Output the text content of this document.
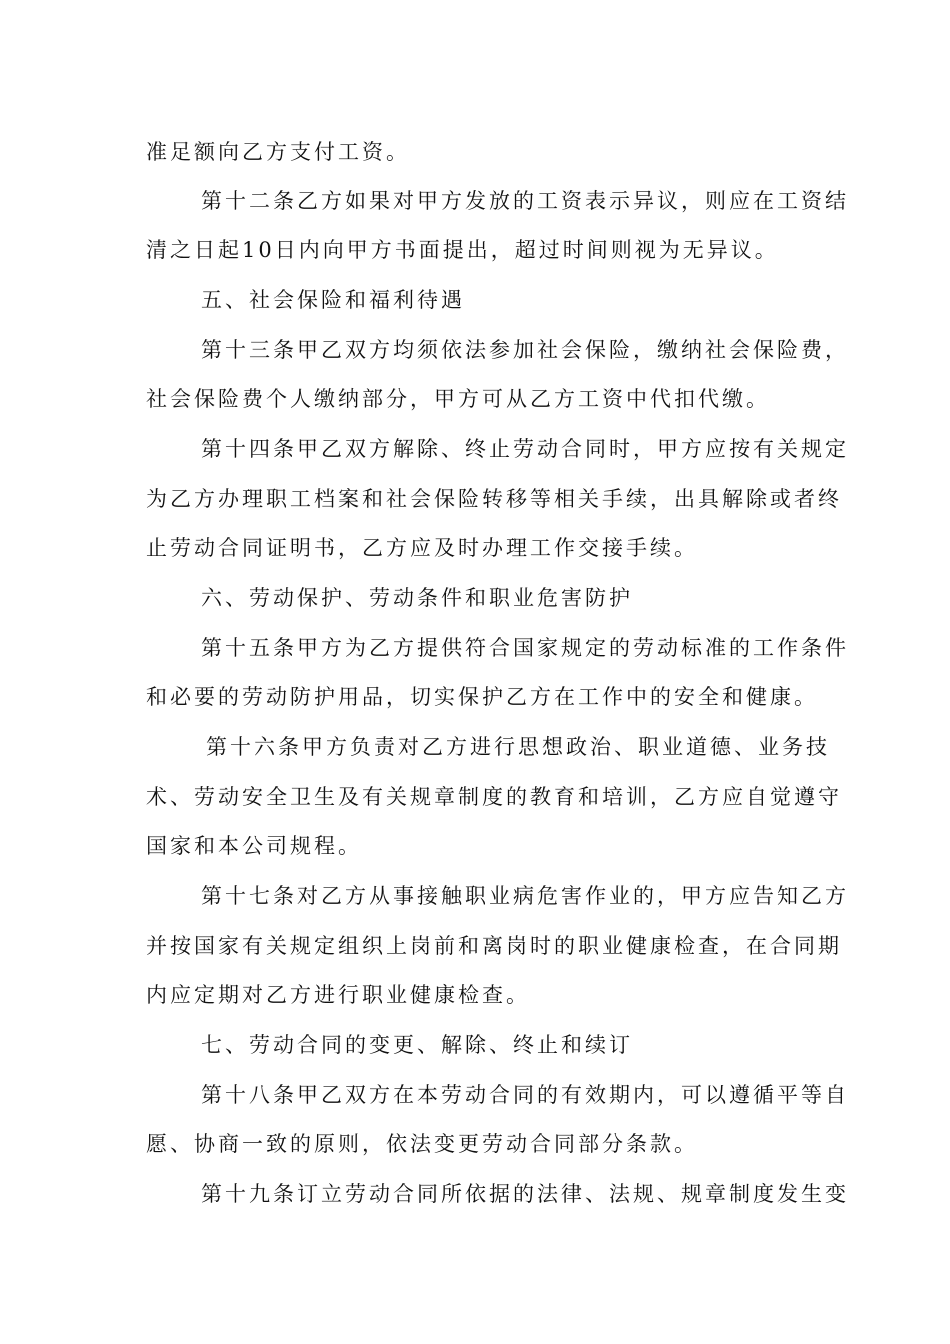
准足额向乙方支付工资。
第十二条乙方如果对甲方发放的工资表示异议，则应在工资结
清之日起10日内向甲方书面提出，超过时间则视为无异议。
五、社会保险和福利待遇
第十三条甲乙双方均须依法参加社会保险，缴纳社会保险费，
社会保险费个人缴纳部分，甲方可从乙方工资中代扣代缴。
第十四条甲乙双方解除、终止劳动合同时，甲方应按有关规定
为乙方办理职工档案和社会保险转移等相关手续，出具解除或者终
止劳动合同证明书，乙方应及时办理工作交接手续。
六、劳动保护、劳动条件和职业危害防护
第十五条甲方为乙方提供符合国家规定的劳动标准的工作条件
和必要的劳动防护用品，切实保护乙方在工作中的安全和健康。
第十六条甲方负责对乙方进行思想政治、职业道德、业务技
术、劳动安全卫生及有关规章制度的教育和培训，乙方应自觉遵守
国家和本公司规程。
第十七条对乙方从事接触职业病危害作业的，甲方应告知乙方
并按国家有关规定组织上岗前和离岗时的职业健康检查，在合同期
内应定期对乙方进行职业健康检查。
七、劳动合同的变更、解除、终止和续订
第十八条甲乙双方在本劳动合同的有效期内，可以遵循平等自
愿、协商一致的原则，依法变更劳动合同部分条款。
第十九条订立劳动合同所依据的法律、法规、规章制度发生变
